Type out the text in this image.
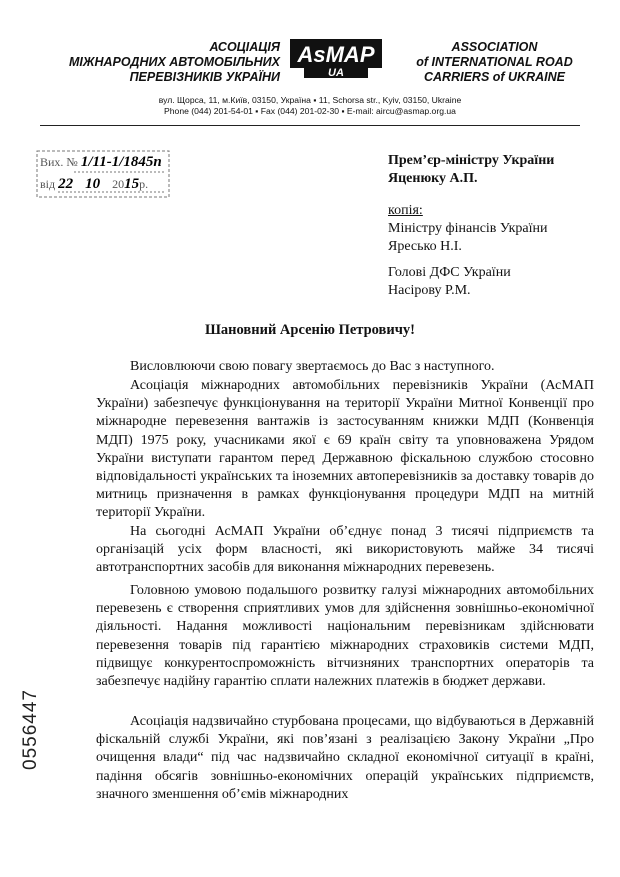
АСОЦІАЦІЯ
МІЖНАРОДНИХ АВТОМОБІЛЬНИХ
ПЕРЕВІЗНИКІВ УКРАЇНИ
AsMAP
UA
ASSOCIATION
of INTERNATIONAL ROAD
CARRIERS of UKRAINE
вул. Щорса, 11, м.Київ, 03150, Україна ▪ 11, Schorsa str., Kyiv, 03150, Ukraine
Phone (044) 201-54-01 ▪ Fax (044) 201-02-30 ▪ E-mail: aircu@asmap.org.ua
Вих. № 1/11-1/1845п
від 22 10 2015р.
Прем’єр-міністру України
Яценюку А.П.
копія:
Міністру фінансів України
Яресько Н.І.
Голові ДФС України
Насірову Р.М.
Шановний Арсенію Петровичу!
Висловлюючи свою повагу звертаємось до Вас з наступного.
Асоціація міжнародних автомобільних перевізників України (АсМАП України) забезпечує функціонування на території України Митної Конвенції про міжнародне перевезення вантажів із застосуванням книжки МДП (Конвенція МДП) 1975 року, учасниками якої є 69 країн світу та уповноважена Урядом України виступати гарантом перед Державною фіскальною службою стосовно відповідальності українських та іноземних автоперевізників за доставку товарів до митниць призначення в рамках функціонування процедури МДП на митній території України.
На сьогодні АсМАП України об’єднує понад 3 тисячі підприємств та організацій усіх форм власності, які використовують майже 34 тисячі автотранспортних засобів для виконання міжнародних перевезень.
Головною умовою подальшого розвитку галузі міжнародних автомобільних перевезень є створення сприятливих умов для здійснення зовнішньо-економічної діяльності. Надання можливості національним перевізникам здійснювати перевезення товарів під гарантією міжнародних страховиків системи МДП, підвищує конкурентоспроможність вітчизняних транспортних операторів та забезпечує надійну гарантію сплати належних платежів в бюджет держави.
Асоціація надзвичайно стурбована процесами, що відбуваються в Державній фіскальній службі України, які пов’язані з реалізацією Закону України „Про очищення влади“ під час надзвичайно складної економічної ситуації в країні, падіння обсягів зовнішньо-економічних операцій українських підприємств, значного зменшення об’ємів міжнародних
0556447
